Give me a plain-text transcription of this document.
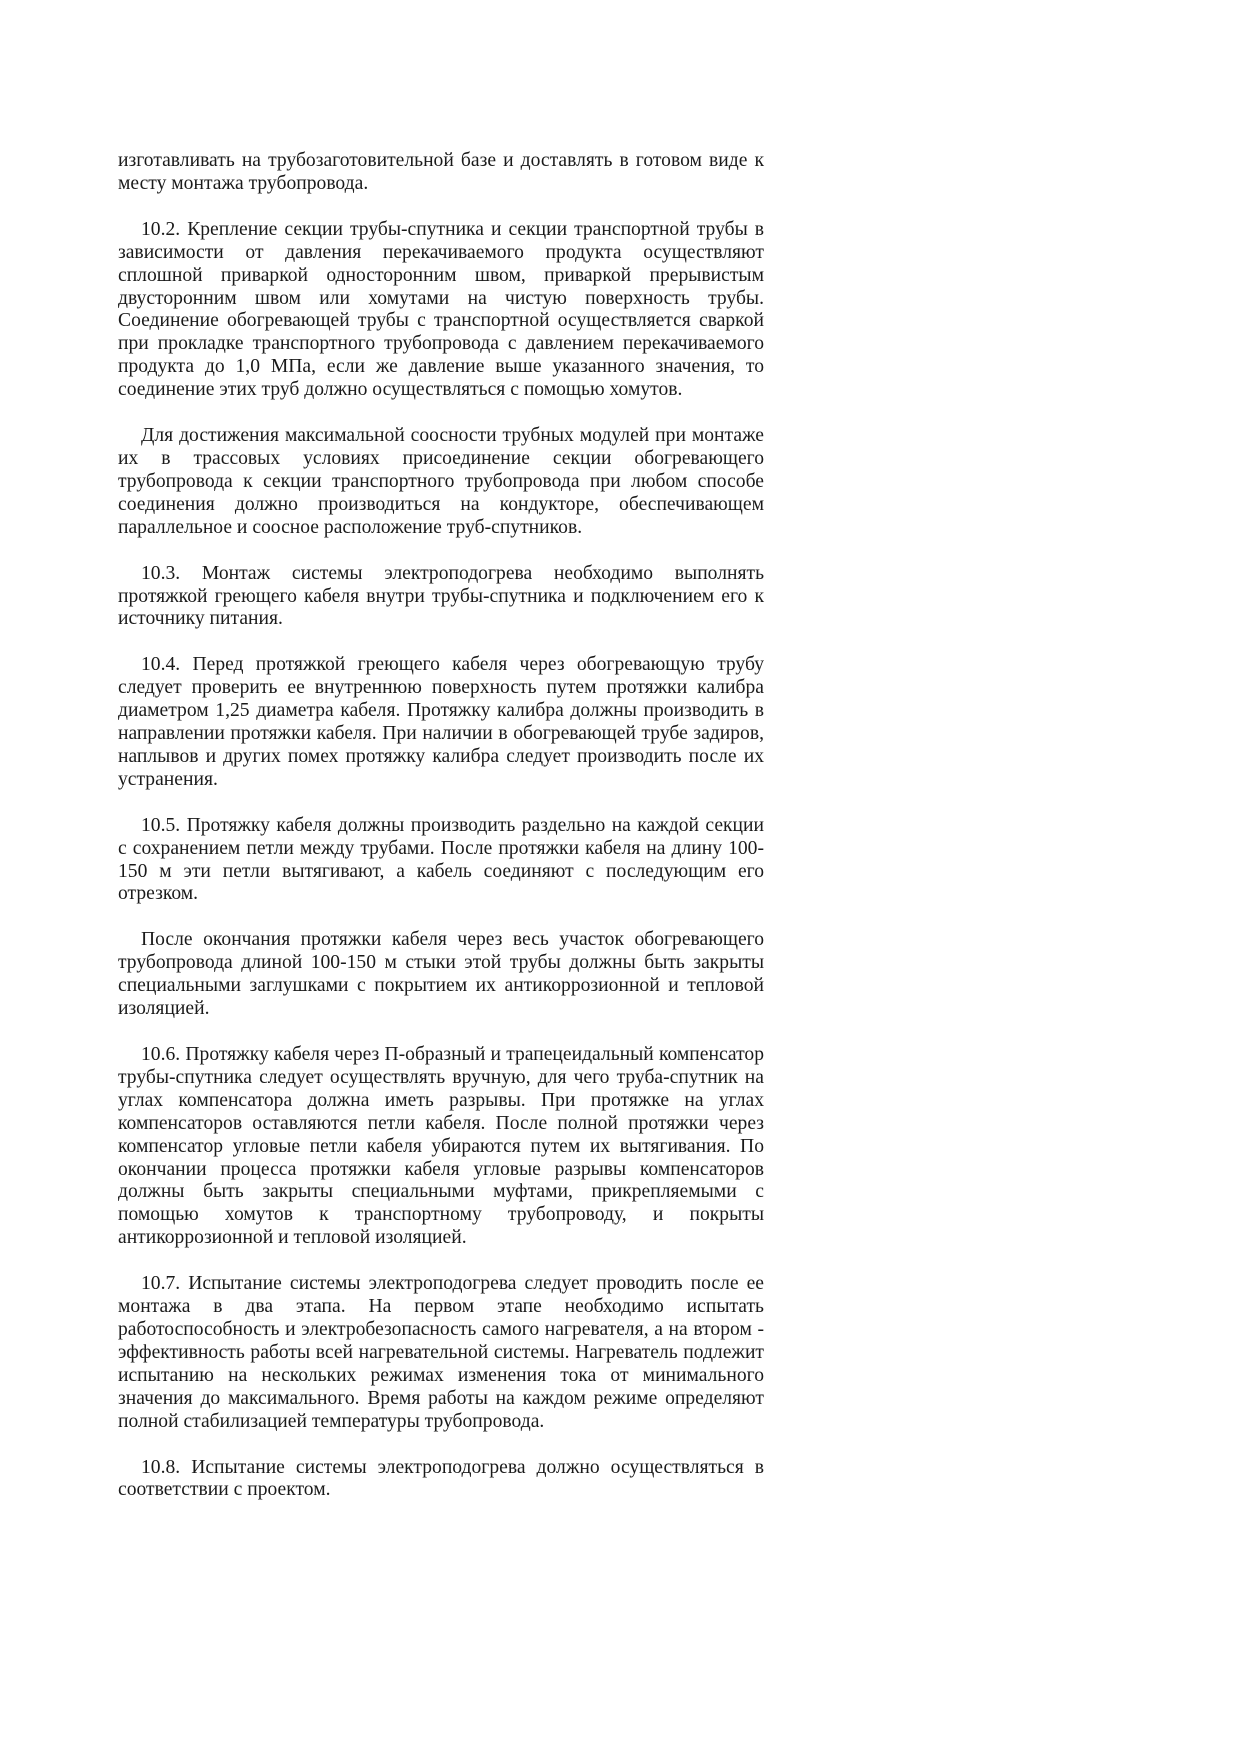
изготавливать на трубозаготовительной базе и доставлять в готовом виде к месту монтажа трубопровода.

10.2. Крепление секции трубы-спутника и секции транспортной трубы в зависимости от давления перекачиваемого продукта осуществляют сплошной приваркой односторонним швом, приваркой прерывистым двусторонним швом или хомутами на чистую поверхность трубы. Соединение обогревающей трубы с транспортной осуществляется сваркой при прокладке транспортного трубопровода с давлением перекачиваемого продукта до 1,0 МПа, если же давление выше указанного значения, то соединение этих труб должно осуществляться с помощью хомутов.

Для достижения максимальной соосности трубных модулей при монтаже их в трассовых условиях присоединение секции обогревающего трубопровода к секции транспортного трубопровода при любом способе соединения должно производиться на кондукторе, обеспечивающем параллельное и соосное расположение труб-спутников.

10.3. Монтаж системы электроподогрева необходимо выполнять протяжкой греющего кабеля внутри трубы-спутника и подключением его к источнику питания.

10.4. Перед протяжкой греющего кабеля через обогревающую трубу следует проверить ее внутреннюю поверхность путем протяжки калибра диаметром 1,25 диаметра кабеля. Протяжку калибра должны производить в направлении протяжки кабеля. При наличии в обогревающей трубе задиров, наплывов и других помех протяжку калибра следует производить после их устранения.

10.5. Протяжку кабеля должны производить раздельно на каждой секции с сохранением петли между трубами. После протяжки кабеля на длину 100-150 м эти петли вытягивают, а кабель соединяют с последующим его отрезком.

После окончания протяжки кабеля через весь участок обогревающего трубопровода длиной 100-150 м стыки этой трубы должны быть закрыты специальными заглушками с покрытием их антикоррозионной и тепловой изоляцией.

10.6. Протяжку кабеля через П-образный и трапецеидальный компенсатор трубы-спутника следует осуществлять вручную, для чего труба-спутник на углах компенсатора должна иметь разрывы. При протяжке на углах компенсаторов оставляются петли кабеля. После полной протяжки через компенсатор угловые петли кабеля убираются путем их вытягивания. По окончании процесса протяжки кабеля угловые разрывы компенсаторов должны быть закрыты специальными муфтами, прикрепляемыми с помощью хомутов к транспортному трубопроводу, и покрыты антикоррозионной и тепловой изоляцией.

10.7. Испытание системы электроподогрева следует проводить после ее монтажа в два этапа. На первом этапе необходимо испытать работоспособность и электробезопасность самого нагревателя, а на втором - эффективность работы всей нагревательной системы. Нагреватель подлежит испытанию на нескольких режимах изменения тока от минимального значения до максимального. Время работы на каждом режиме определяют полной стабилизацией температуры трубопровода.

10.8. Испытание системы электроподогрева должно осуществляться в соответствии с проектом.
